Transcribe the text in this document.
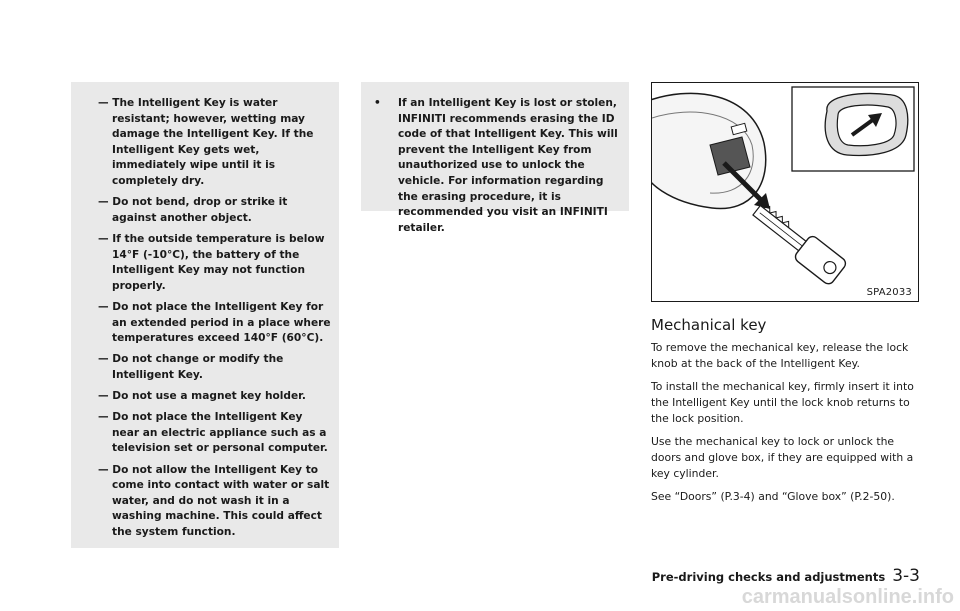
— The Intelligent Key is water resistant; however, wetting may damage the Intelligent Key. If the Intelligent Key gets wet, immediately wipe until it is completely dry.
— Do not bend, drop or strike it against another object.
— If the outside temperature is below 14°F (-10°C), the battery of the Intelligent Key may not function properly.
— Do not place the Intelligent Key for an extended period in a place where temperatures exceed 140°F (60°C).
— Do not change or modify the Intelligent Key.
— Do not use a magnet key holder.
— Do not place the Intelligent Key near an electric appliance such as a television set or personal computer.
— Do not allow the Intelligent Key to come into contact with water or salt water, and do not wash it in a washing machine. This could affect the system function.
•	If an Intelligent Key is lost or stolen, INFINITI recommends erasing the ID code of that Intelligent Key. This will prevent the Intelligent Key from unauthorized use to unlock the vehicle. For information regarding the erasing procedure, it is recommended you visit an INFINITI retailer.
SPA2033
Mechanical key

To remove the mechanical key, release the lock knob at the back of the Intelligent Key.

To install the mechanical key, firmly insert it into the Intelligent Key until the lock knob returns to the lock position.

Use the mechanical key to lock or unlock the doors and glove box, if they are equipped with a key cylinder.

See “Doors” (P.3-4) and “Glove box” (P.2-50).

Pre-driving checks and adjustments 3-3
carmanualsonline.info
